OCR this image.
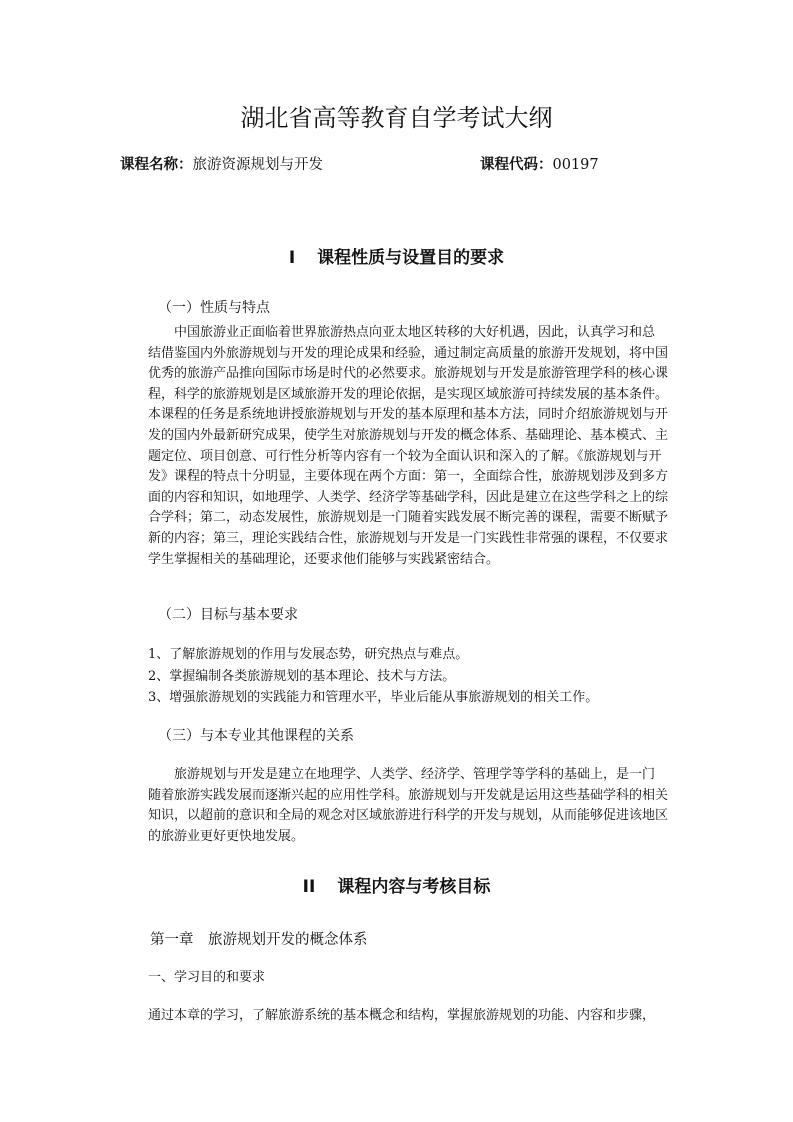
湖北省高等教育自学考试大纲
课程名称：旅游资源规划与开发	课程代码：00197
I 课程性质与设置目的要求
（一）性质与特点
中国旅游业正面临着世界旅游热点向亚太地区转移的大好机遇，因此，认真学习和总
结借鉴国内外旅游规划与开发的理论成果和经验，通过制定高质量的旅游开发规划，将中国
优秀的旅游产品推向国际市场是时代的必然要求。旅游规划与开发是旅游管理学科的核心课
程，科学的旅游规划是区域旅游开发的理论依据，是实现区域旅游可持续发展的基本条件。
本课程的任务是系统地讲授旅游规划与开发的基本原理和基本方法，同时介绍旅游规划与开
发的国内外最新研究成果，使学生对旅游规划与开发的概念体系、基础理论、基本模式、主
题定位、项目创意、可行性分析等内容有一个较为全面认识和深入的了解。《旅游规划与开
发》课程的特点十分明显，主要体现在两个方面：第一，全面综合性，旅游规划涉及到多方
面的内容和知识，如地理学、人类学、经济学等基础学科，因此是建立在这些学科之上的综
合学科；第二，动态发展性，旅游规划是一门随着实践发展不断完善的课程，需要不断赋予
新的内容；第三，理论实践结合性，旅游规划与开发是一门实践性非常强的课程，不仅要求
学生掌握相关的基础理论，还要求他们能够与实践紧密结合。
（二）目标与基本要求
1、了解旅游规划的作用与发展态势，研究热点与难点。
2、掌握编制各类旅游规划的基本理论、技术与方法。
3、增强旅游规划的实践能力和管理水平，毕业后能从事旅游规划的相关工作。
（三）与本专业其他课程的关系
旅游规划与开发是建立在地理学、人类学、经济学、管理学等学科的基础上，是一门
随着旅游实践发展而逐渐兴起的应用性学科。旅游规划与开发就是运用这些基础学科的相关
知识，以超前的意识和全局的观念对区域旅游进行科学的开发与规划，从而能够促进该地区
的旅游业更好更快地发展。
II 课程内容与考核目标
第一章　旅游规划开发的概念体系
一、学习目的和要求
通过本章的学习，了解旅游系统的基本概念和结构，掌握旅游规划的功能、内容和步骤，
